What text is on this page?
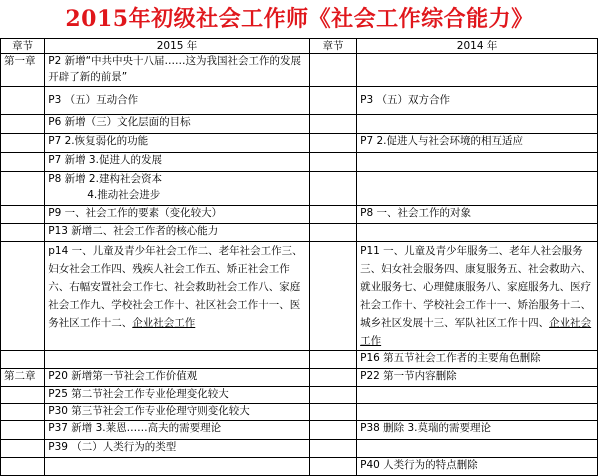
2015年初级社会工作师《社会工作综合能力》
章节	2015 年	章节	2014 年
第一章	P2 新增“中共中央十八届……这为我国社会工作的发展开辟了新的前景”		
	P3 （五）互动合作		P3 （五）双方合作
	P6 新增（三）文化层面的目标		
	P7 2.恢复弱化的功能		P7 2.促进人与社会环境的相互适应
	P7 新增 3.促进人的发展		
	P8 新增 2.建构社会资本
4.推动社会进步		

	P9 一、社会工作的要素（变化较大）		P8 一、社会工作的对象
	P13 新增二、社会工作者的核心能力		
	p14 一、儿童及青少年社会工作二、老年社会工作三、妇女社会工作四、残疾人社会工作五、矫正社会工作六、右幅安置社会工作七、社会救助社会工作八、家庭社会工作九、学校社会工作十、社区社会工作十一、医务社区工作十二、企业社会工作		P11 一、儿童及青少年服务二、老年人社会服务三、妇女社会服务四、康复服务五、社会救助六、就业服务七、心理健康服务八、家庭服务九、医疗社会工作十、学校社会工作十一、矫治服务十二、城乡社区发展十三、军队社区工作十四、企业社会工作
			P16 第五节社会工作者的主要角色删除
第二章	P20 新增第一节社会工作价值观		P22 第一节内容删除
	P25 第二节社会工作专业伦理变化较大		
	P30 第三节社会工作专业伦理守则变化较大		
	P37 新增 3.莱恩……高夫的需要理论		P38 删除 3.莫瑞的需要理论
	P39 （二）人类行为的类型		
			P40 人类行为的特点删除
